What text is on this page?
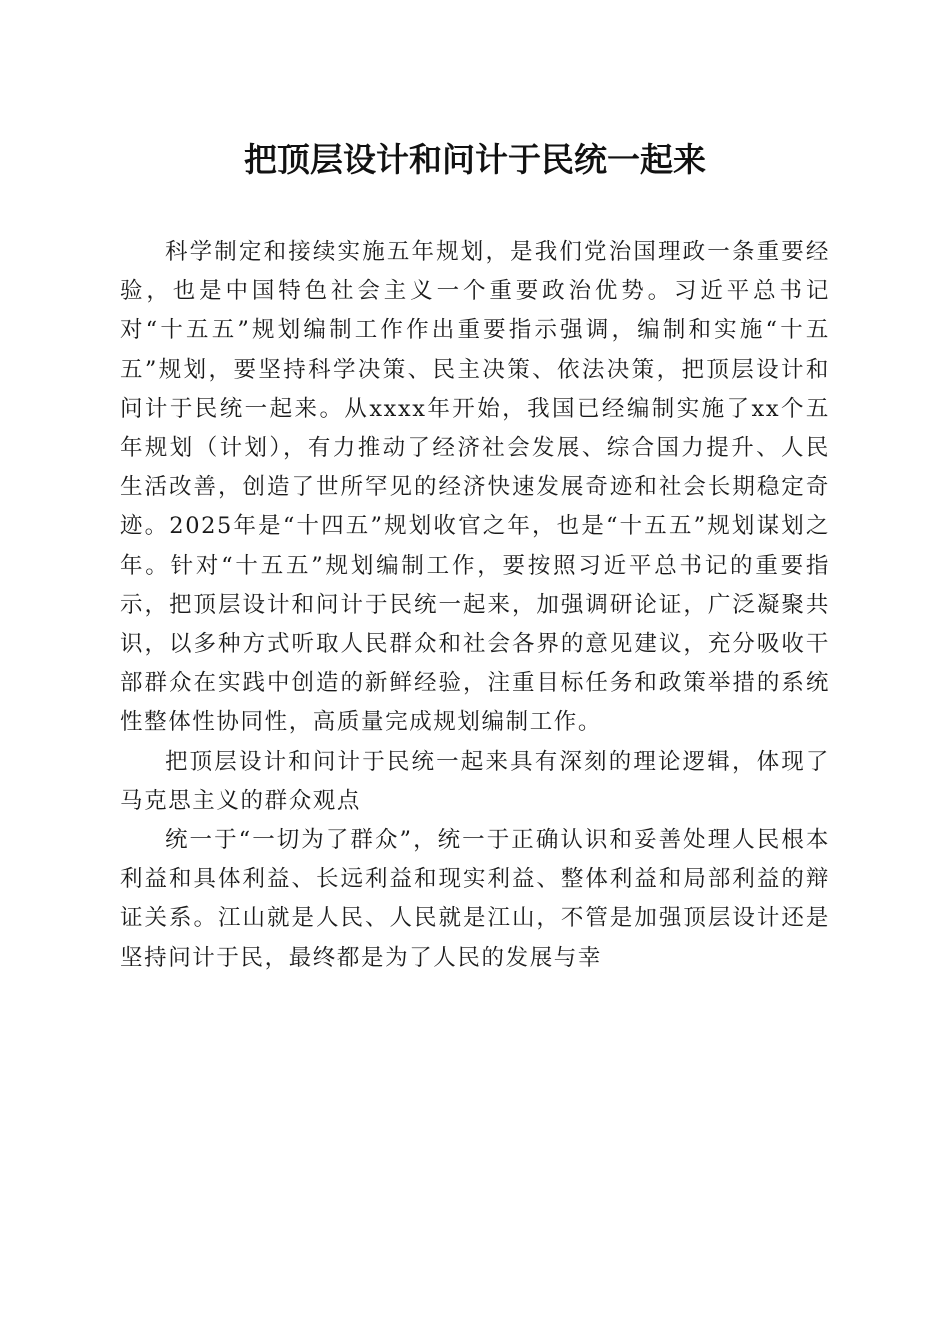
把顶层设计和问计于民统一起来

科学制定和接续实施五年规划，是我们党治国理政一条重要经验，也是中国特色社会主义一个重要政治优势。习近平总书记对“十五五”规划编制工作作出重要指示强调，编制和实施“十五五”规划，要坚持科学决策、民主决策、依法决策，把顶层设计和问计于民统一起来。从xxxx年开始，我国已经编制实施了xx个五年规划（计划），有力推动了经济社会发展、综合国力提升、人民生活改善，创造了世所罕见的经济快速发展奇迹和社会长期稳定奇迹。2025年是“十四五”规划收官之年，也是“十五五”规划谋划之年。针对“十五五”规划编制工作，要按照习近平总书记的重要指示，把顶层设计和问计于民统一起来，加强调研论证，广泛凝聚共识，以多种方式听取人民群众和社会各界的意见建议，充分吸收干部群众在实践中创造的新鲜经验，注重目标任务和政策举措的系统性整体性协同性，高质量完成规划编制工作。

把顶层设计和问计于民统一起来具有深刻的理论逻辑，体现了马克思主义的群众观点

统一于“一切为了群众”，统一于正确认识和妥善处理人民根本利益和具体利益、长远利益和现实利益、整体利益和局部利益的辩证关系。江山就是人民、人民就是江山，不管是加强顶层设计还是坚持问计于民，最终都是为了人民的发展与幸
